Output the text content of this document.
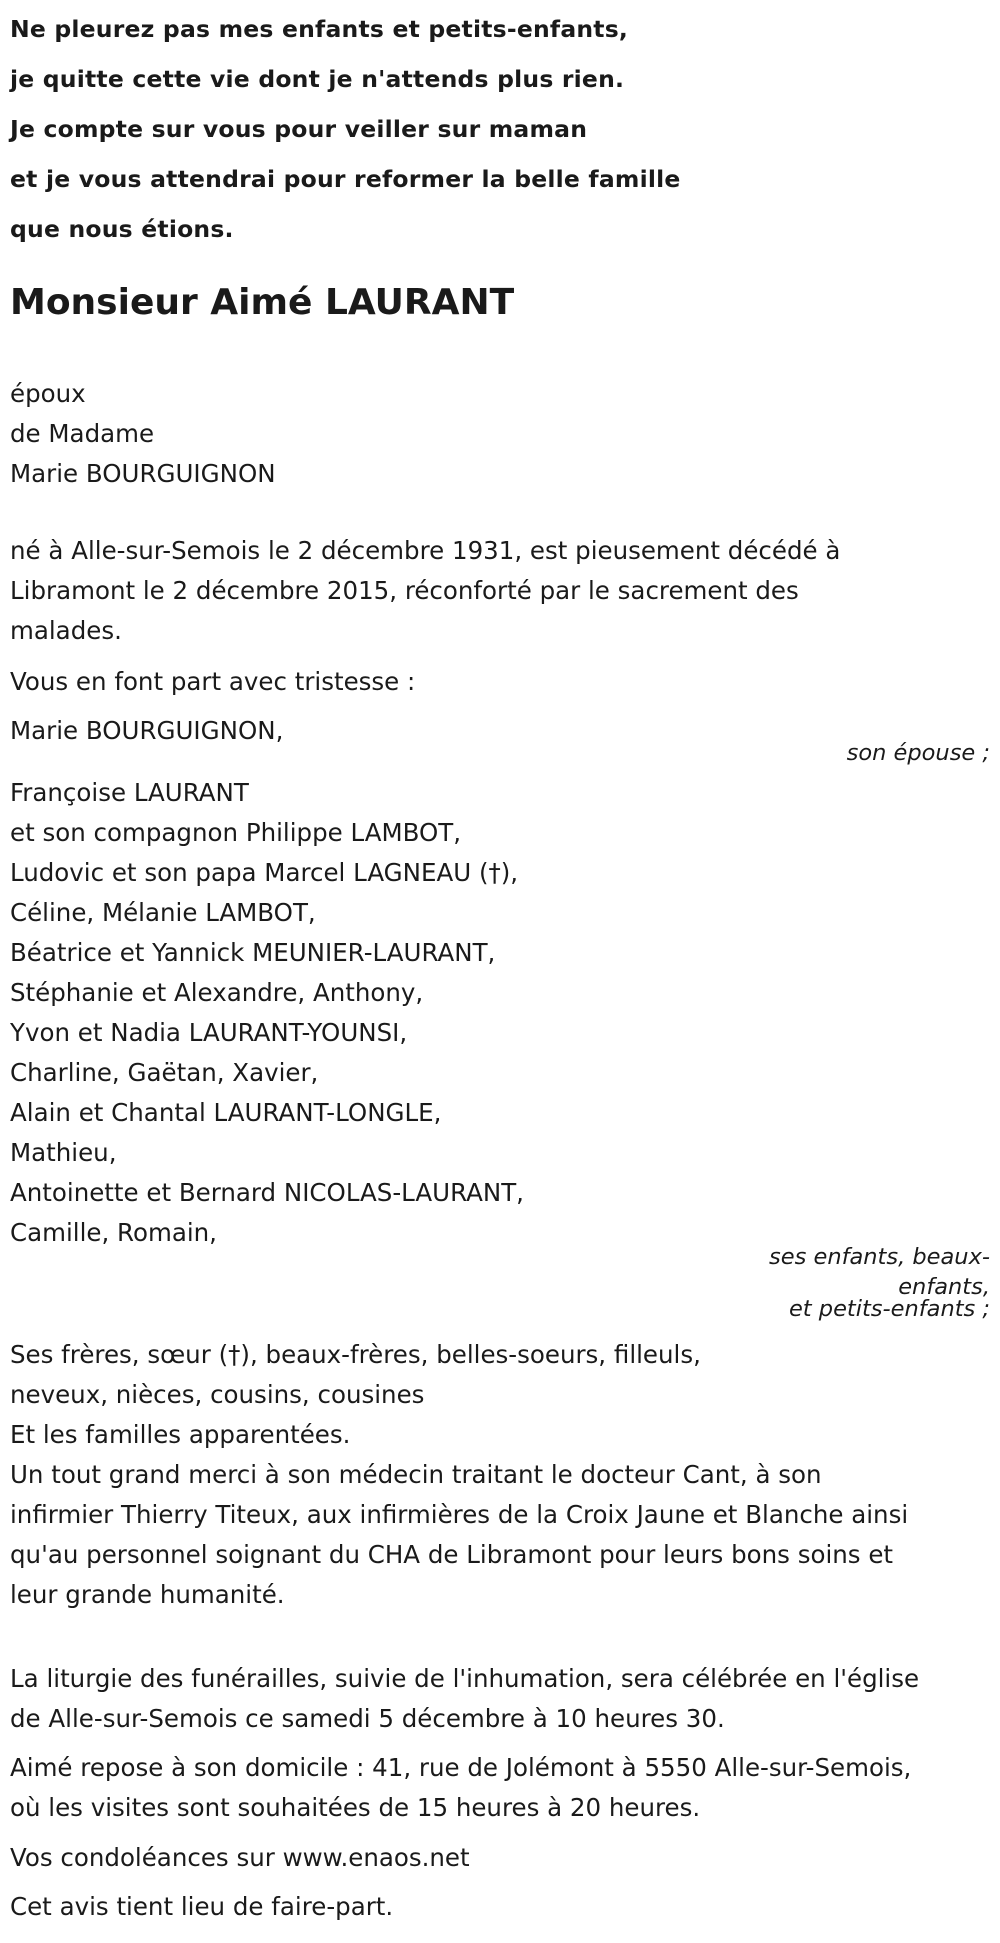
Ne pleurez pas mes enfants et petits-enfants,
je quitte cette vie dont je n'attends plus rien.
Je compte sur vous pour veiller sur maman
et je vous attendrai pour reformer la belle famille
que nous étions.
Monsieur Aimé LAURANT
époux
de Madame
Marie BOURGUIGNON
né à Alle-sur-Semois le 2 décembre 1931, est pieusement décédé à
Libramont le 2 décembre 2015, réconforté par le sacrement des
malades.
Vous en font part avec tristesse :
Marie BOURGUIGNON,
son épouse ;
Françoise LAURANT
et son compagnon Philippe LAMBOT,
Ludovic et son papa Marcel LAGNEAU (†),
Céline, Mélanie LAMBOT,
Béatrice et Yannick MEUNIER-LAURANT,
Stéphanie et Alexandre, Anthony,
Yvon et Nadia LAURANT-YOUNSI,
Charline, Gaëtan, Xavier,
Alain et Chantal LAURANT-LONGLE,
Mathieu,
Antoinette et Bernard NICOLAS-LAURANT,
Camille, Romain,
ses enfants, beaux-enfants,
et petits-enfants ;
Ses frères, sœur (†), beaux-frères, belles-soeurs, filleuls,
neveux, nièces, cousins, cousines
Et les familles apparentées.
Un tout grand merci à son médecin traitant le docteur Cant, à son
infirmier Thierry Titeux, aux infirmières de la Croix Jaune et Blanche ainsi
qu'au personnel soignant du CHA de Libramont pour leurs bons soins et
leur grande humanité.
La liturgie des funérailles, suivie de l'inhumation, sera célébrée en l'église
de Alle-sur-Semois ce samedi 5 décembre à 10 heures 30.
Aimé repose à son domicile : 41, rue de Jolémont à 5550 Alle-sur-Semois,
où les visites sont souhaitées de 15 heures à 20 heures.
Vos condoléances sur www.enaos.net
Cet avis tient lieu de faire-part.
